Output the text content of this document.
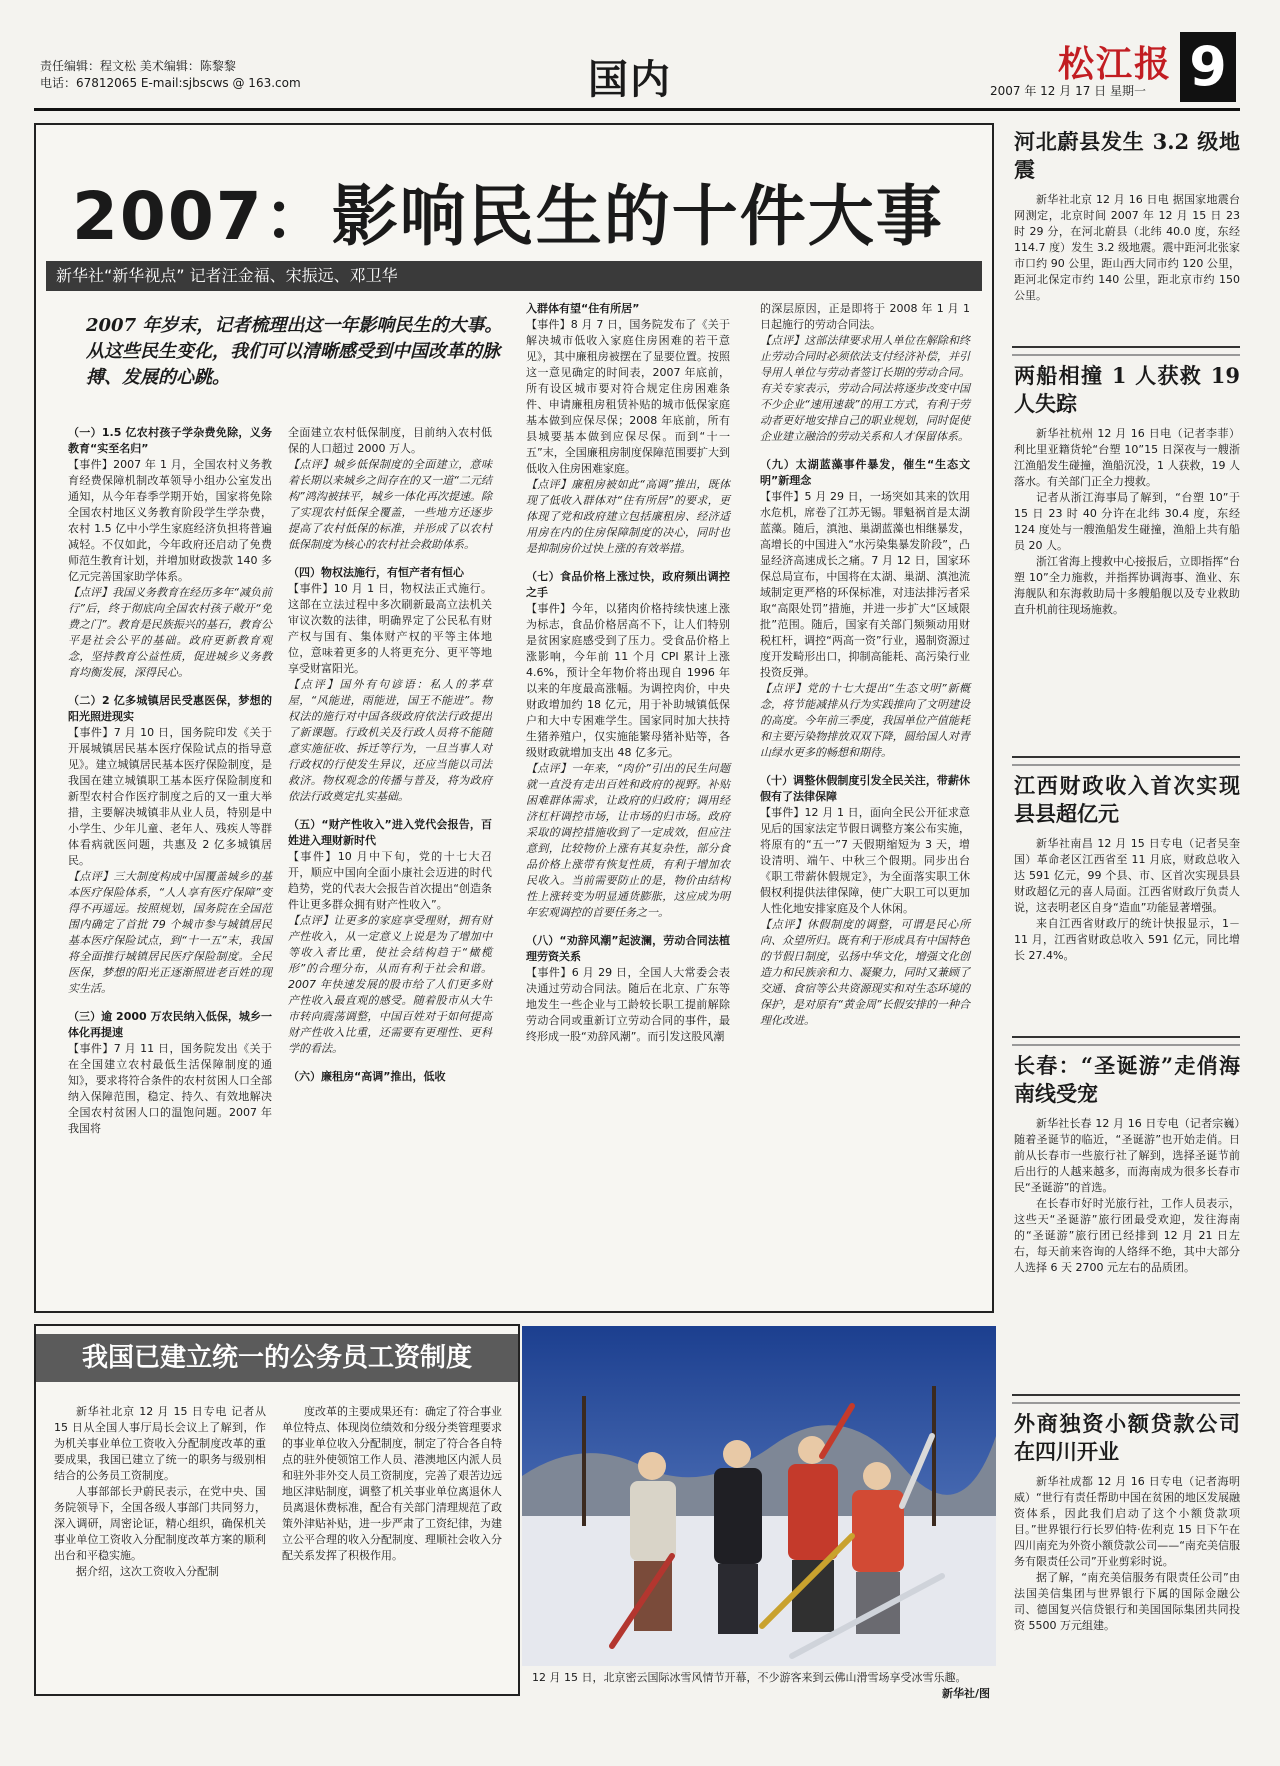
责任编辑：程文松 美术编辑：陈黎黎
电话：67812065 E-mail:sjbscws @ 163.com	国内	松江报 9
2007 年 12 月 17 日 星期一
2007：影响民生的十件大事
新华社“新华视点” 记者汪金福、宋振远、邓卫华
2007 年岁末，记者梳理出这一年影响民生的大事。从这些民生变化，我们可以清晰感受到中国改革的脉搏、发展的心跳。

（一）1.5 亿农村孩子学杂费免除，义务教育“实至名归”

【事件】2007 年 1 月，全国农村义务教育经费保障机制改革领导小组办公室发出通知，从今年春季学期开始，国家将免除全国农村地区义务教育阶段学生学杂费，农村 1.5 亿中小学生家庭经济负担将普遍减轻。不仅如此，今年政府还启动了免费师范生教育计划，并增加财政拨款 140 多亿元完善国家助学体系。

【点评】我国义务教育在经历多年“减负前行”后，终于彻底向全国农村孩子敞开“免费之门”。教育是民族振兴的基石，教育公平是社会公平的基础。政府更新教育观念，坚持教育公益性质，促进城乡义务教育均衡发展，深得民心。

（二）2 亿多城镇居民受惠医保，梦想的阳光照进现实

【事件】7 月 10 日，国务院印发《关于开展城镇居民基本医疗保险试点的指导意见》。建立城镇居民基本医疗保险制度，是我国在建立城镇职工基本医疗保险制度和新型农村合作医疗制度之后的又一重大举措，主要解决城镇非从业人员，特别是中小学生、少年儿童、老年人、残疾人等群体看病就医问题，共惠及 2 亿多城镇居民。

【点评】三大制度构成中国覆盖城乡的基本医疗保险体系，“人人享有医疗保障”变得不再遥远。按照规划，国务院在全国范围内确定了首批 79 个城市参与城镇居民基本医疗保险试点，到“十一五”末，我国将全面推行城镇居民医疗保险制度。全民医保，梦想的阳光正逐渐照进老百姓的现实生活。

（三）逾 2000 万农民纳入低保，城乡一体化再提速

【事件】7 月 11 日，国务院发出《关于在全国建立农村最低生活保障制度的通知》，要求将符合条件的农村贫困人口全部纳入保障范围，稳定、持久、有效地解决全国农村贫困人口的温饱问题。2007 年我国将

全面建立农村低保制度，目前纳入农村低保的人口超过 2000 万人。

【点评】城乡低保制度的全面建立，意味着长期以来城乡之间存在的又一道“二元结构”鸿沟被抹平，城乡一体化再次提速。除了实现农村低保全覆盖，一些地方还逐步提高了农村低保的标准，并形成了以农村低保制度为核心的农村社会救助体系。

（四）物权法施行，有恒产者有恒心

【事件】10 月 1 日，物权法正式施行。这部在立法过程中多次刷新最高立法机关审议次数的法律，明确界定了公民私有财产权与国有、集体财产权的平等主体地位，意味着更多的人将更充分、更平等地享受财富阳光。

【点评】国外有句谚语：私人的茅草屋，“风能进，雨能进，国王不能进”。物权法的施行对中国各级政府依法行政提出了新课题。行政机关及行政人员将不能随意实施征收、拆迁等行为，一旦当事人对行政权的行使发生异议，还应当能以司法救济。物权观念的传播与普及，将为政府依法行政奠定扎实基础。

（五）“财产性收入”进入党代会报告，百姓进入理财新时代

【事件】10 月中下旬，党的十七大召开，顺应中国向全面小康社会迈进的时代趋势，党的代表大会报告首次提出“创造条件让更多群众拥有财产性收入”。

【点评】让更多的家庭享受理财，拥有财产性收入，从一定意义上说是为了增加中等收入者比重，使社会结构趋于“橄榄形”的合理分布，从而有利于社会和谐。2007 年快速发展的股市给了人们更多财产性收入最直观的感受。随着股市从大牛市转向震荡调整，中国百姓对于如何提高财产性收入比重，还需要有更理性、更科学的看法。

（六）廉租房“高调”推出，低收

入群体有望“住有所居”

【事件】8 月 7 日，国务院发布了《关于解决城市低收入家庭住房困难的若干意见》，其中廉租房被摆在了显要位置。按照这一意见确定的时间表，2007 年底前，所有设区城市要对符合规定住房困难条件、申请廉租房租赁补贴的城市低保家庭基本做到应保尽保；2008 年底前，所有县城要基本做到应保尽保。而到“十一五”末，全国廉租房制度保障范围要扩大到低收入住房困难家庭。

【点评】廉租房被如此“高调”推出，既体现了低收入群体对“住有所居”的要求，更体现了党和政府建立包括廉租房、经济适用房在内的住房保障制度的决心，同时也是抑制房价过快上涨的有效举措。

（七）食品价格上涨过快，政府频出调控之手

【事件】今年，以猪肉价格持续快速上涨为标志，食品价格居高不下，让人们特别是贫困家庭感受到了压力。受食品价格上涨影响，今年前 11 个月 CPI 累计上涨 4.6%，预计全年物价将出现自 1996 年以来的年度最高涨幅。为调控肉价，中央财政增加约 18 亿元，用于补助城镇低保户和大中专困难学生。国家同时加大扶持生猪养殖户，仅实施能繁母猪补贴等，各级财政就增加支出 48 亿多元。

【点评】一年来，“肉价”引出的民生问题就一直没有走出百姓和政府的视野。补贴困难群体需求，让政府的归政府；调用经济杠杆调控市场，让市场的归市场。政府采取的调控措施收到了一定成效，但应注意到，比较物价上涨有其复杂性，部分食品价格上涨带有恢复性质，有利于增加农民收入。当前需要防止的是，物价由结构性上涨转变为明显通货膨胀，这应成为明年宏观调控的首要任务之一。

（八）“劝辞风潮”起波澜，劳动合同法植理劳资关系

【事件】6 月 29 日，全国人大常委会表决通过劳动合同法。随后在北京、广东等地发生一些企业与工龄较长职工提前解除劳动合同或重新订立劳动合同的事件，最终形成一股“劝辞风潮”。而引发这股风潮

的深层原因，正是即将于 2008 年 1 月 1 日起施行的劳动合同法。

【点评】这部法律要求用人单位在解除和终止劳动合同时必须依法支付经济补偿，并引导用人单位与劳动者签订长期的劳动合同。有关专家表示，劳动合同法将逐步改变中国不少企业“速用速裁”的用工方式，有利于劳动者更好地安排自己的职业规划，同时促使企业建立融洽的劳动关系和人才保留体系。

（九）太湖蓝藻事件暴发，催生“生态文明”新理念

【事件】5 月 29 日，一场突如其来的饮用水危机，席卷了江苏无锡。罪魁祸首是太湖蓝藻。随后，滇池、巢湖蓝藻也相继暴发，高增长的中国进入“水污染集暴发阶段”，凸显经济高速成长之痛。7 月 12 日，国家环保总局宣布，中国将在太湖、巢湖、滇池流域制定更严格的环保标准，对违法排污者采取“高限处罚”措施，并进一步扩大“区域限批”范围。随后，国家有关部门频频动用财税杠杆，调控“两高一资”行业，遏制资源过度开发畸形出口，抑制高能耗、高污染行业投资反弹。

【点评】党的十七大提出“生态文明”新概念，将节能减排从行为实践推向了文明建设的高度。今年前三季度，我国单位产值能耗和主要污染物排放双双下降，圆给国人对青山绿水更多的畅想和期待。

（十）调整休假制度引发全民关注，带薪休假有了法律保障

【事件】12 月 1 日，面向全民公开征求意见后的国家法定节假日调整方案公布实施，将原有的“五一”7 天假期缩短为 3 天，增设清明、端午、中秋三个假期。同步出台《职工带薪休假规定》，为全面落实职工休假权利提供法律保障，使广大职工可以更加人性化地安排家庭及个人休闲。

【点评】休假制度的调整，可谓是民心所向、众望所归。既有利于形成具有中国特色的节假日制度，弘扬中华文化，增强文化创造力和民族亲和力、凝聚力，同时又兼顾了交通、食宿等公共资源现实和对生态环境的保护，是对原有“黄金周”长假安排的一种合理化改进。

我国已建立统一的公务员工资制度

新华社北京 12 月 15 日专电 记者从 15 日从全国人事厅局长会议上了解到，作为机关事业单位工资收入分配制度改革的重要成果，我国已建立了统一的职务与级别相结合的公务员工资制度。

人事部部长尹蔚民表示，在党中央、国务院领导下，全国各级人事部门共同努力，深入调研，周密论证，精心组织，确保机关事业单位工资收入分配制度改革方案的顺利出台和平稳实施。

据介绍，这次工资收入分配制

度改革的主要成果还有：确定了符合事业单位特点、体现岗位绩效和分级分类管理要求的事业单位收入分配制度，制定了符合各自特点的驻外使领馆工作人员、港澳地区内派人员和驻外非外交人员工资制度，完善了艰苦边远地区津贴制度，调整了机关事业单位离退休人员离退休费标准，配合有关部门清理规范了政策外津贴补贴，进一步严肃了工资纪律，为建立公平合理的收入分配制度、理顺社会收入分配关系发挥了积极作用。

12 月 15 日，北京密云国际冰雪风情节开幕，不少游客来到云佛山滑雪场享受冰雪乐趣。
新华社/图
河北蔚县发生 3.2 级地震

新华社北京 12 月 16 日电 据国家地震台网测定，北京时间 2007 年 12 月 15 日 23 时 29 分，在河北蔚县（北纬 40.0 度，东经 114.7 度）发生 3.2 级地震。震中距河北张家市口约 90 公里，距山西大同市约 120 公里，距河北保定市约 140 公里，距北京市约 150 公里。

两船相撞 1 人获救 19 人失踪

新华社杭州 12 月 16 日电（记者李菲）利比里亚籍货轮“台塑 10”15 日深夜与一艘浙江渔船发生碰撞，渔船沉没，1 人获救，19 人落水。有关部门正全力搜救。

记者从浙江海事局了解到，“台塑 10”于 15 日 23 时 40 分许在北纬 30.4 度，东经 124 度处与一艘渔船发生碰撞，渔船上共有船员 20 人。

浙江省海上搜救中心接报后，立即指挥“台塑 10”全力施救，并指挥协调海事、渔业、东海舰队和东海救助局十多艘船舰以及专业救助直升机前往现场施救。

江西财政收入首次实现县县超亿元

新华社南昌 12 月 15 日专电（记者吴奎国）革命老区江西省至 11 月底，财政总收入达 591 亿元，99 个县、市、区首次实现县县财政超亿元的喜人局面。江西省财政厅负责人说，这表明老区自身“造血”功能显著增强。

来自江西省财政厅的统计快报显示，1－11 月，江西省财政总收入 591 亿元，同比增长 27.4%。

长春：“圣诞游”走俏海南线受宠

新华社长春 12 月 16 日专电（记者宗巍）随着圣诞节的临近，“圣诞游”也开始走俏。日前从长春市一些旅行社了解到，选择圣诞节前后出行的人越来越多，而海南成为很多长春市民“圣诞游”的首选。

在长春市好时光旅行社，工作人员表示，这些天“圣诞游”旅行团最受欢迎，发往海南的“圣诞游”旅行团已经排到 12 月 21 日左右，每天前来咨询的人络绎不绝，其中大部分人选择 6 天 2700 元左右的品质团。

外商独资小额贷款公司在四川开业

新华社成都 12 月 16 日专电（记者海明威）“世行有责任帮助中国在贫困的地区发展融资体系，因此我们启动了这个小额贷款项目。”世界银行行长罗伯特·佐利克 15 日下午在四川南充为外资小额贷款公司——“南充美信服务有限责任公司”开业剪彩时说。

据了解，“南充美信服务有限责任公司”由法国美信集团与世界银行下属的国际金融公司、德国复兴信贷银行和美国国际集团共同投资 5500 万元组建。
